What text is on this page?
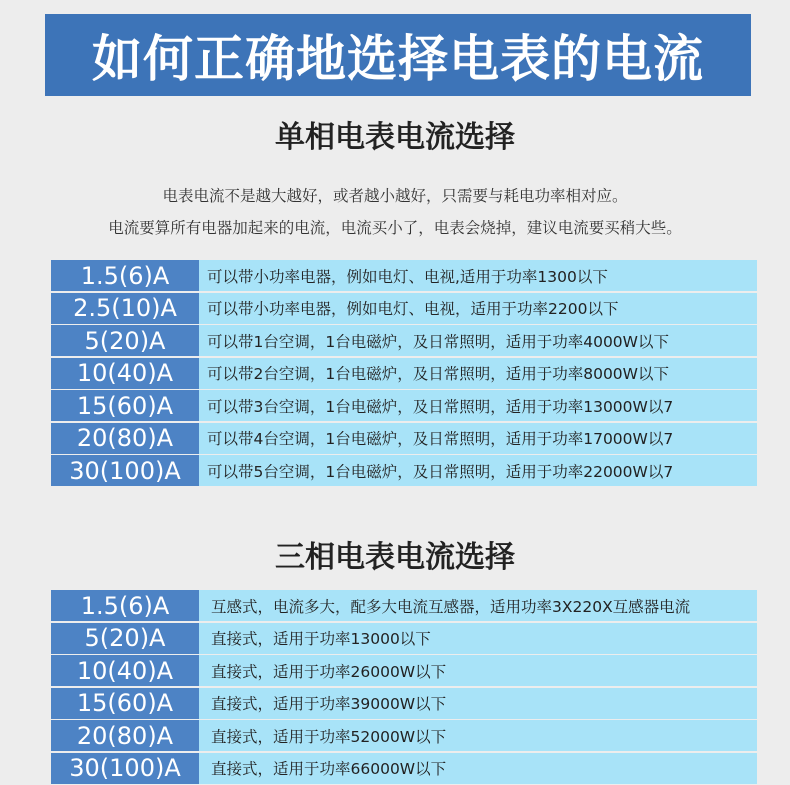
如何正确地选择电表的电流
单相电表电流选择
电表电流不是越大越好，或者越小越好，只需要与耗电功率相对应。
电流要算所有电器加起来的电流，电流买小了，电表会烧掉，建议电流要买稍大些。
1.5(6)A	可以带小功率电器，例如电灯、电视,适用于功率1300以下
2.5(10)A	可以带小功率电器，例如电灯、电视，适用于功率2200以下
5(20)A	可以带1台空调，1台电磁炉，及日常照明，适用于功率4000W以下
10(40)A	可以带2台空调，1台电磁炉，及日常照明，适用于功率8000W以下
15(60)A	可以带3台空调，1台电磁炉，及日常照明，适用于功率13000W以7
20(80)A	可以带4台空调，1台电磁炉，及日常照明，适用于功率17000W以7
30(100)A	可以带5台空调，1台电磁炉，及日常照明，适用于功率22000W以7
三相电表电流选择
1.5(6)A	互感式，电流多大，配多大电流互感器，适用功率3X220X互感器电流
5(20)A	直接式，适用于功率13000以下
10(40)A	直接式，适用于功率26000W以下
15(60)A	直接式，适用于功率39000W以下
20(80)A	直接式，适用于功率52000W以下
30(100)A	直接式，适用于功率66000W以下
